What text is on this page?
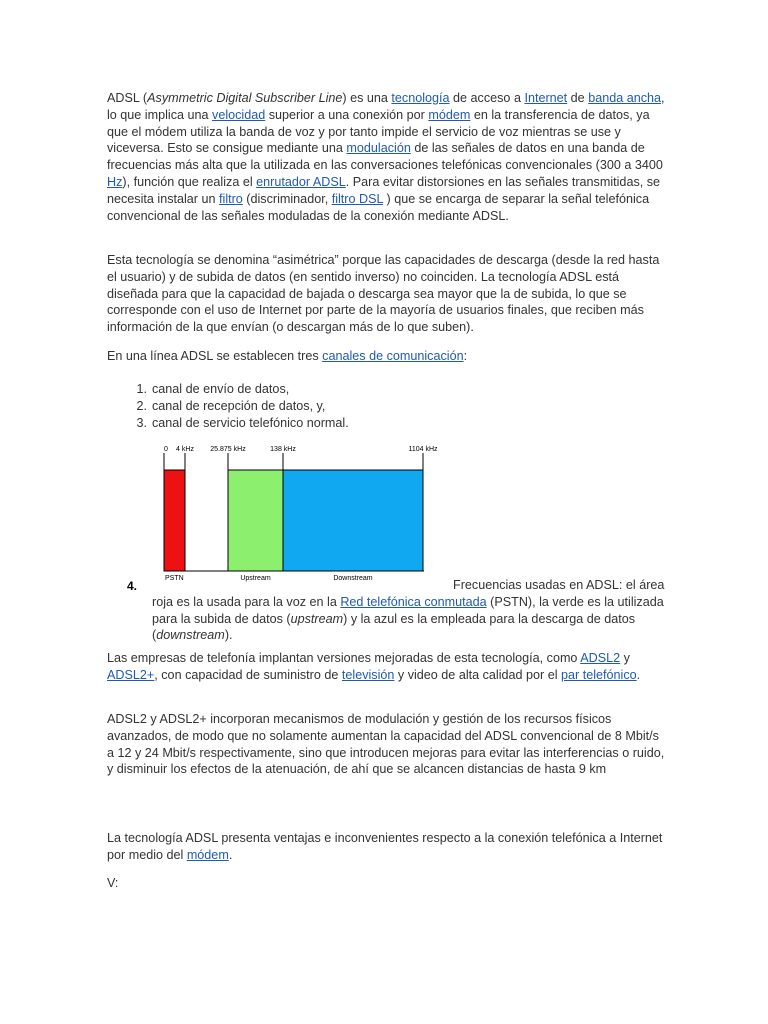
ADSL (Asymmetric Digital Subscriber Line) es una tecnología de acceso a Internet de banda ancha, lo que implica una velocidad superior a una conexión por módem en la transferencia de datos, ya que el módem utiliza la banda de voz y por tanto impide el servicio de voz mientras se use y viceversa. Esto se consigue mediante una modulación de las señales de datos en una banda de frecuencias más alta que la utilizada en las conversaciones telefónicas convencionales (300 a 3400 Hz), función que realiza el enrutador ADSL. Para evitar distorsiones en las señales transmitidas, se necesita instalar un filtro (discriminador, filtro DSL ) que se encarga de separar la señal telefónica convencional de las señales moduladas de la conexión mediante ADSL.

Esta tecnología se denomina “asimétrica” porque las capacidades de descarga (desde la red hasta el usuario) y de subida de datos (en sentido inverso) no coinciden. La tecnología ADSL está diseñada para que la capacidad de bajada o descarga sea mayor que la de subida, lo que se corresponde con el uso de Internet por parte de la mayoría de usuarios finales, que reciben más información de la que envían (o descargan más de lo que suben).

En una línea ADSL se establecen tres canales de comunicación:

1. canal de envío de datos,
2. canal de recepción de datos, y,
3. canal de servicio telefónico normal.
0 4 kHz 25.875 kHz	138 kHz	1104 kHz
PSTN	Upstream	Downstream
4.	Frecuencias usadas en ADSL: el área roja es la usada para la voz en la Red telefónica conmutada (PSTN), la verde es la utilizada para la subida de datos (upstream) y la azul es la empleada para la descarga de datos (downstream).

Las empresas de telefonía implantan versiones mejoradas de esta tecnología, como ADSL2 y ADSL2+, con capacidad de suministro de televisión y video de alta calidad por el par telefónico.

ADSL2 y ADSL2+ incorporan mecanismos de modulación y gestión de los recursos físicos avanzados, de modo que no solamente aumentan la capacidad del ADSL convencional de 8 Mbit/s a 12 y 24 Mbit/s respectivamente, sino que introducen mejoras para evitar las interferencias o ruido, y disminuir los efectos de la atenuación, de ahí que se alcancen distancias de hasta 9 km

La tecnología ADSL presenta ventajas e inconvenientes respecto a la conexión telefónica a Internet por medio del módem.

V:
